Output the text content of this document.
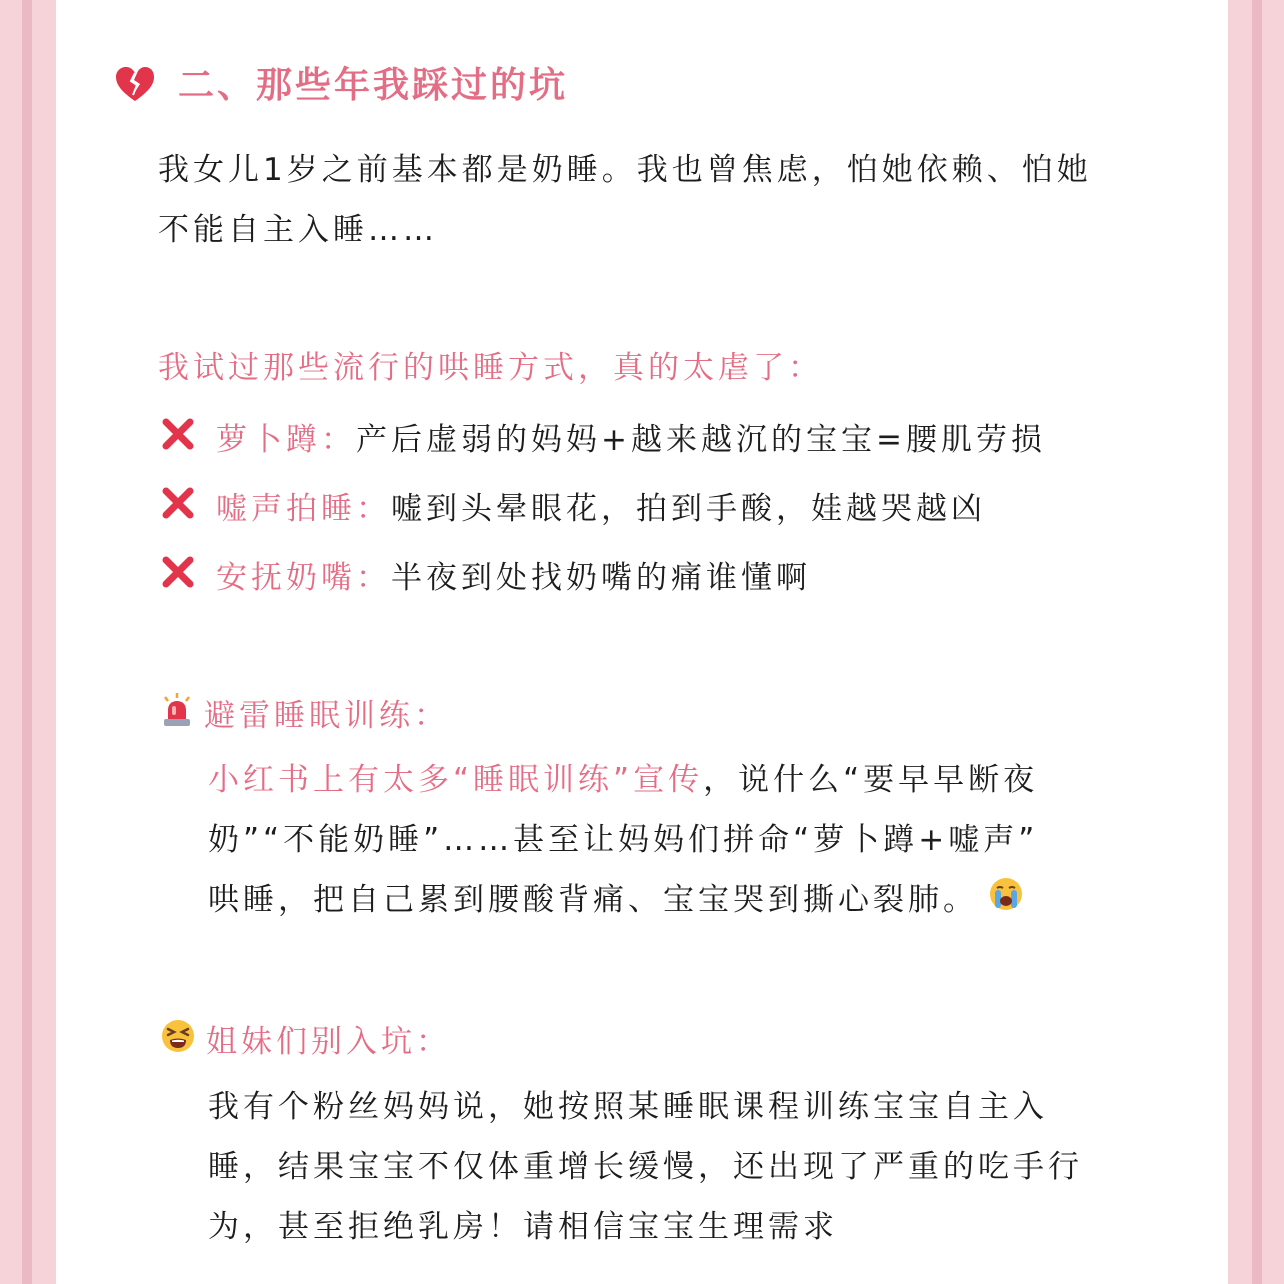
二、那些年我踩过的坑
我女儿1岁之前基本都是奶睡。我也曾焦虑，怕她依赖、怕她
不能自主入睡……
我试过那些流行的哄睡方式，真的太虐了：
萝卜蹲： 产后虚弱的妈妈+越来越沉的宝宝=腰肌劳损
嘘声拍睡： 嘘到头晕眼花，拍到手酸，娃越哭越凶
安抚奶嘴： 半夜到处找奶嘴的痛谁懂啊
避雷睡眠训练：
小红书上有太多“睡眠训练”宣传，说什么“要早早断夜
奶”“不能奶睡”……甚至让妈妈们拼命“萝卜蹲+嘘声”
哄睡，把自己累到腰酸背痛、宝宝哭到撕心裂肺。
姐妹们别入坑：
我有个粉丝妈妈说，她按照某睡眠课程训练宝宝自主入
睡，结果宝宝不仅体重增长缓慢，还出现了严重的吃手行
为，甚至拒绝乳房！请相信宝宝生理需求
